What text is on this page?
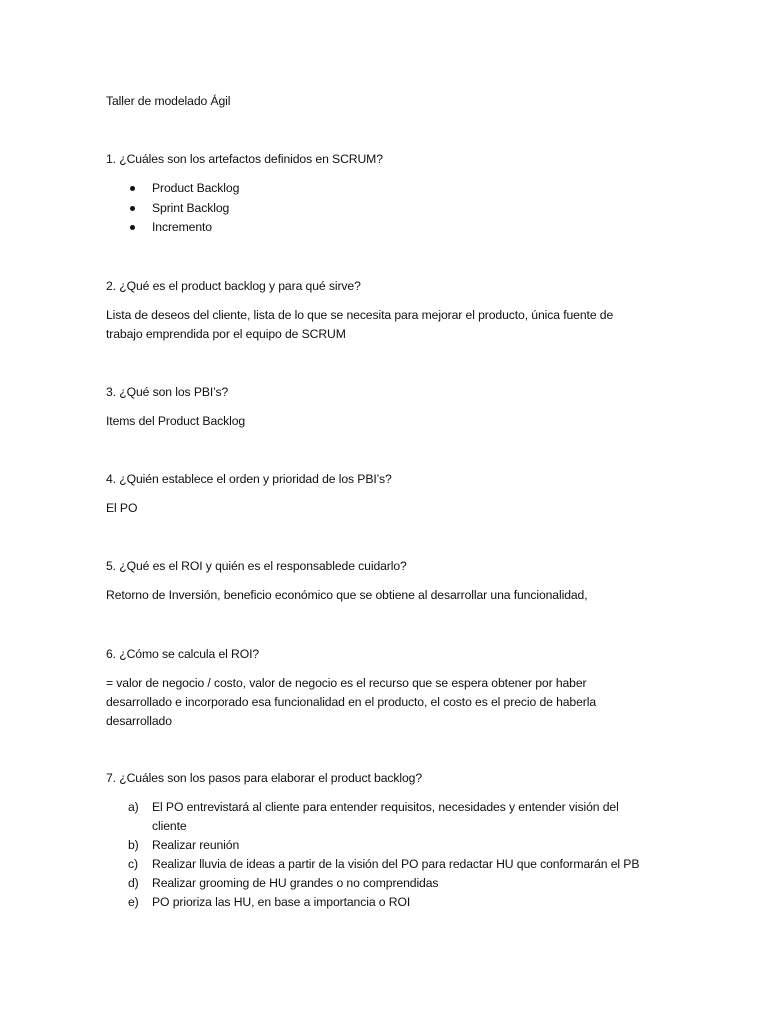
Taller de modelado Ágil
1. ¿Cuáles son los artefactos definidos en SCRUM?
Product Backlog
Sprint Backlog
Incremento
2. ¿Qué es el product backlog y para qué sirve?
Lista de deseos del cliente, lista de lo que se necesita para mejorar el producto, única fuente de
trabajo emprendida por el equipo de SCRUM
3. ¿Qué son los PBI’s?
Items del Product Backlog
4. ¿Quién establece el orden y prioridad de los PBI’s?
El PO
5. ¿Qué es el ROI y quién es el responsablede cuidarlo?
Retorno de Inversión, beneficio económico que se obtiene al desarrollar una funcionalidad,
6. ¿Cómo se calcula el ROI?
= valor de negocio / costo, valor de negocio es el recurso que se espera obtener por haber
desarrollado e incorporado esa funcionalidad en el producto, el costo es el precio de haberla
desarrollado
7. ¿Cuáles son los pasos para elaborar el product backlog?
a) El PO entrevistará al cliente para entender requisitos, necesidades y entender visión del
cliente
b) Realizar reunión
c) Realizar lluvia de ideas a partir de la visión del PO para redactar HU que conformarán el PB
d) Realizar grooming de HU grandes o no comprendidas
e) PO prioriza las HU, en base a importancia o ROI
